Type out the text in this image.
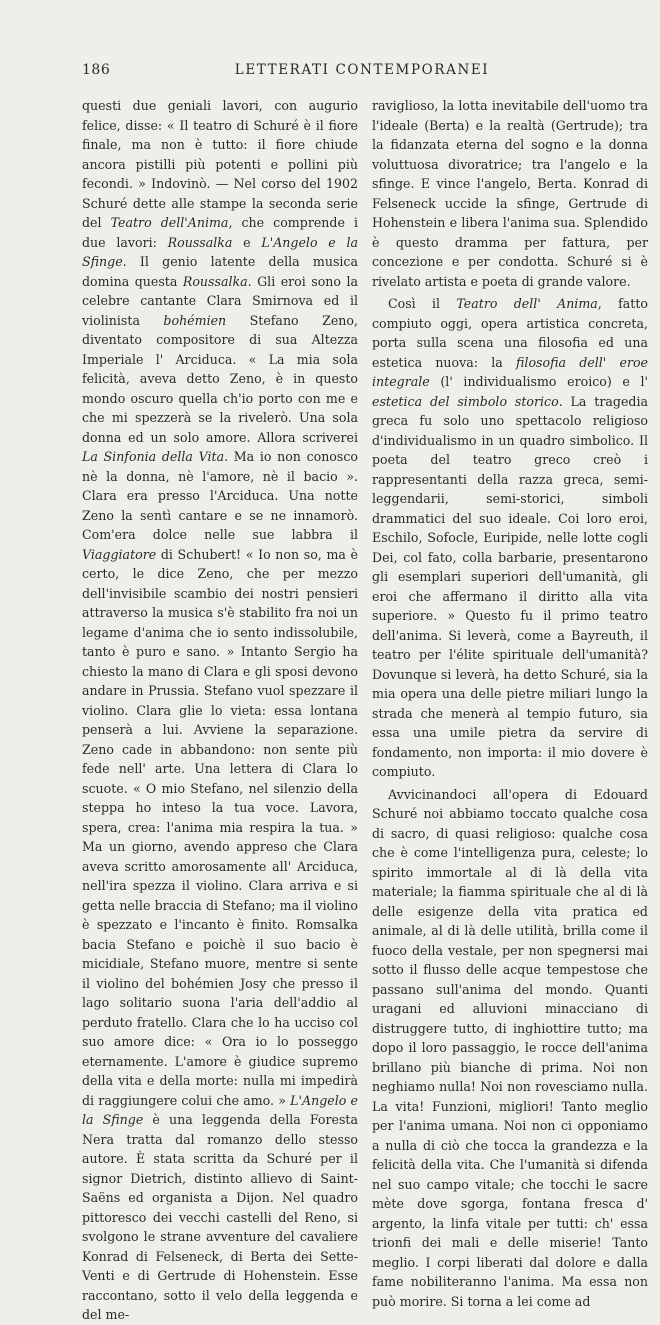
186	LETTERATI CONTEMPORANEI

questi due geniali lavori, con augurio felice, disse: « Il teatro di Schuré è il fiore finale, ma non è tutto: il fiore chiude ancora pistilli più potenti e pollini più fecondi. » Indovinò. — Nel corso del 1902 Schuré dette alle stampe la seconda serie del Teatro dell'Anima, che comprende i due lavori: Roussalka e L'Angelo e la Sfinge. Il genio latente della musica domina questa Roussalka. Gli eroi sono la celebre cantante Clara Smirnova ed il violinista bohémien Stefano Zeno, diventato compositore di sua Altezza Imperiale l' Arciduca. « La mia sola felicità, aveva detto Zeno, è in questo mondo oscuro quella ch'io porto con me e che mi spezzerà se la rivelerò. Una sola donna ed un solo amore. Allora scriverei La Sinfonia della Vita. Ma io non conosco nè la donna, nè l'amore, nè il bacio ». Clara era presso l'Arciduca. Una notte Zeno la sentì cantare e se ne innamorò. Com'era dolce nelle sue labbra il Viaggiatore di Schubert! « Io non so, ma è certo, le dice Zeno, che per mezzo dell'invisibile scambio dei nostri pensieri attraverso la musica s'è stabilito fra noi un legame d'anima che io sento indissolubile, tanto è puro e sano. » Intanto Sergio ha chiesto la mano di Clara e gli sposi devono andare in Prussia. Stefano vuol spezzare il violino. Clara glie lo vieta: essa lontana penserà a lui. Avviene la separazione. Zeno cade in abbandono: non sente più fede nell' arte. Una lettera di Clara lo scuote. « O mio Stefano, nel silenzio della steppa ho inteso la tua voce. Lavora, spera, crea: l'anima mia respira la tua. » Ma un giorno, avendo appreso che Clara aveva scritto amorosamente all' Arciduca, nell'ira spezza il violino. Clara arriva e si getta nelle braccia di Stefano; ma il violino è spezzato e l'incanto è finito. Romsalka bacia Stefano e poichè il suo bacio è micidiale, Stefano muore, mentre si sente il violino del bohémien Josy che presso il lago solitario suona l'aria dell'addio al perduto fratello. Clara che lo ha ucciso col suo amore dice: « Ora io lo posseggo eternamente. L'amore è giudice supremo della vita e della morte: nulla mi impedirà di raggiungere colui che amo. » L'Angelo e la Sfinge è una leggenda della Foresta Nera tratta dal romanzo dello stesso autore. È stata scritta da Schuré per il signor Dietrich, distinto allievo di Saint-Saëns ed organista a Dijon. Nel quadro pittoresco dei vecchi castelli del Reno, si svolgono le strane avventure del cavaliere Konrad di Felseneck, di Berta dei Sette-Venti e di Gertrude di Hohenstein. Esse raccontano, sotto il velo della leggenda e del me-

raviglioso, la lotta inevitabile dell'uomo tra l'ideale (Berta) e la realtà (Gertrude); tra la fidanzata eterna del sogno e la donna voluttuosa divoratrice; tra l'angelo e la sfinge. E vince l'angelo, Berta. Konrad di Felseneck uccide la sfinge, Gertrude di Hohenstein e libera l'anima sua. Splendido è questo dramma per fattura, per concezione e per condotta. Schuré si è rivelato artista e poeta di grande valore.

Così il Teatro dell' Anima, fatto compiuto oggi, opera artistica concreta, porta sulla scena una filosofia ed una estetica nuova: la filosofia dell' eroe integrale (l' individualismo eroico) e l' estetica del simbolo storico. La tragedia greca fu solo uno spettacolo religioso d'individualismo in un quadro simbolico. Il poeta del teatro greco creò i rappresentanti della razza greca, semi-leggendarii, semi-storici, simboli drammatici del suo ideale. Coi loro eroi, Eschilo, Sofocle, Euripide, nelle lotte cogli Dei, col fato, colla barbarie, presentarono gli esemplari superiori dell'umanità, gli eroi che affermano il diritto alla vita superiore. » Questo fu il primo teatro dell'anima. Si leverà, come a Bayreuth, il teatro per l'élite spirituale dell'umanità? Dovunque si leverà, ha detto Schuré, sia la mia opera una delle pietre miliari lungo la strada che menerà al tempio futuro, sia essa una umile pietra da servire di fondamento, non importa: il mio dovere è compiuto.

Avvicinandoci all'opera di Edouard Schuré noi abbiamo toccato qualche cosa di sacro, di quasi religioso: qualche cosa che è come l'intelligenza pura, celeste; lo spirito immortale al di là della vita materiale; la fiamma spirituale che al di là delle esigenze della vita pratica ed animale, al di là delle utilità, brilla come il fuoco della vestale, per non spegnersi mai sotto il flusso delle acque tempestose che passano sull'anima del mondo. Quanti uragani ed alluvioni minacciano di distruggere tutto, di inghiottire tutto; ma dopo il loro passaggio, le rocce dell'anima brillano più bianche di prima. Noi non neghiamo nulla! Noi non rovesciamo nulla. La vita! Funzioni, migliori! Tanto meglio per l'anima umana. Noi non ci opponiamo a nulla di ciò che tocca la grandezza e la felicità della vita. Che l'umanità si difenda nel suo campo vitale; che tocchi le sacre mète dove sgorga, fontana fresca d' argento, la linfa vitale per tutti: ch' essa trionfi dei mali e delle miserie! Tanto meglio. I corpi liberati dal dolore e dalla fame nobiliteranno l'anima. Ma essa non può morire. Si torna a lei come ad
